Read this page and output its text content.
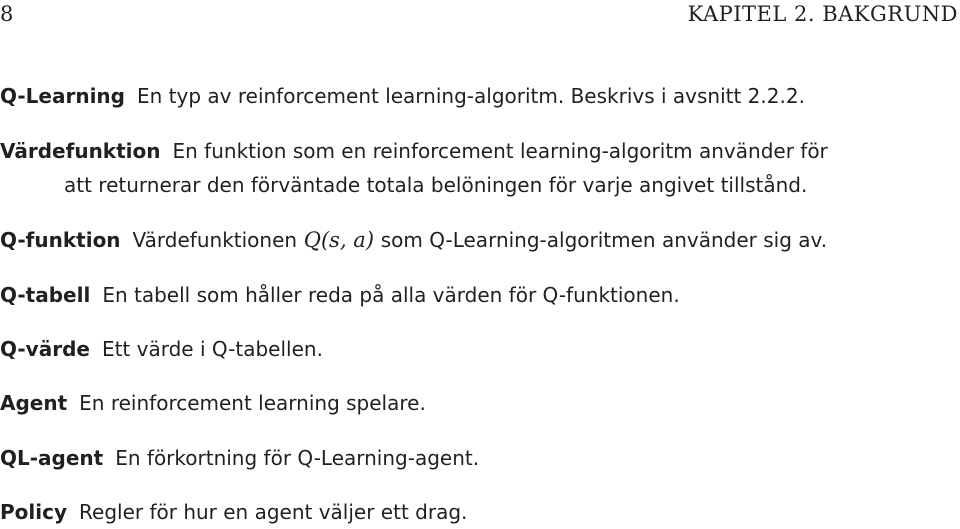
8	KAPITEL 2. BAKGRUND
Q-Learning En typ av reinforcement learning-algoritm. Beskrivs i avsnitt 2.2.2.
Värdefunktion En funktion som en reinforcement learning-algoritm använder för
att returnerar den förväntade totala belöningen för varje angivet tillstånd.
Q-funktion Värdefunktionen Q(s, a) som Q-Learning-algoritmen använder sig av.
Q-tabell En tabell som håller reda på alla värden för Q-funktionen.
Q-värde Ett värde i Q-tabellen.
Agent En reinforcement learning spelare.
QL-agent En förkortning för Q-Learning-agent.
Policy Regler för hur en agent väljer ett drag.
